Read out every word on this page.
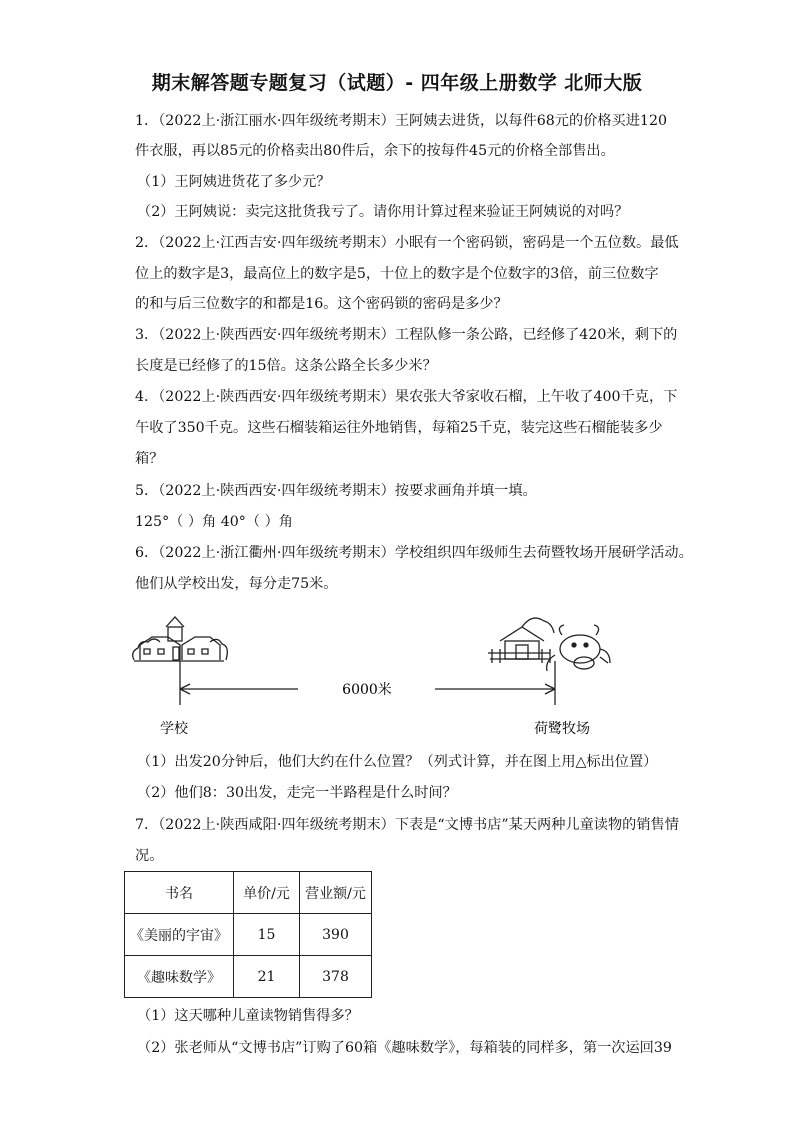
期末解答题专题复习（试题）- 四年级上册数学 北师大版
1．（2022上·浙江丽水·四年级统考期末）王阿姨去进货，以每件68元的价格买进120
件衣服，再以85元的价格卖出80件后，余下的按每件45元的价格全部售出。
（1）王阿姨进货花了多少元？
（2）王阿姨说：卖完这批货我亏了。请你用计算过程来验证王阿姨说的对吗？
2．（2022上·江西吉安·四年级统考期末）小眠有一个密码锁，密码是一个五位数。最低
位上的数字是3，最高位上的数字是5，十位上的数字是个位数字的3倍，前三位数字
的和与后三位数字的和都是16。这个密码锁的密码是多少？
3．（2022上·陕西西安·四年级统考期末）工程队修一条公路，已经修了420米，剩下的
长度是已经修了的15倍。这条公路全长多少米？
4．（2022上·陕西西安·四年级统考期末）果农张大爷家收石榴，上午收了400千克，下
午收了350千克。这些石榴装箱运往外地销售，每箱25千克，装完这些石榴能装多少
箱？
5．（2022上·陕西西安·四年级统考期末）按要求画角并填一填。
125°（ ）角 40°（ ）角
6．（2022上·浙江衢州·四年级统考期末）学校组织四年级师生去荷暨牧场开展研学活动。
他们从学校出发，每分走75米。
6000米
学校	荷鹭牧场
（1）出发20分钟后，他们大约在什么位置？（列式计算，并在图上用△标出位置）
（2）他们8：30出发，走完一半路程是什么时间？
7．（2022上·陕西咸阳·四年级统考期末）下表是“文博书店”某天两种儿童读物的销售情
况。
书名	单价/元	营业额/元
《美丽的宇宙》	15	390
《趣味数学》	21	378
（1）这天哪种儿童读物销售得多？
（2）张老师从“文博书店”订购了60箱《趣味数学》，每箱装的同样多，第一次运回39
